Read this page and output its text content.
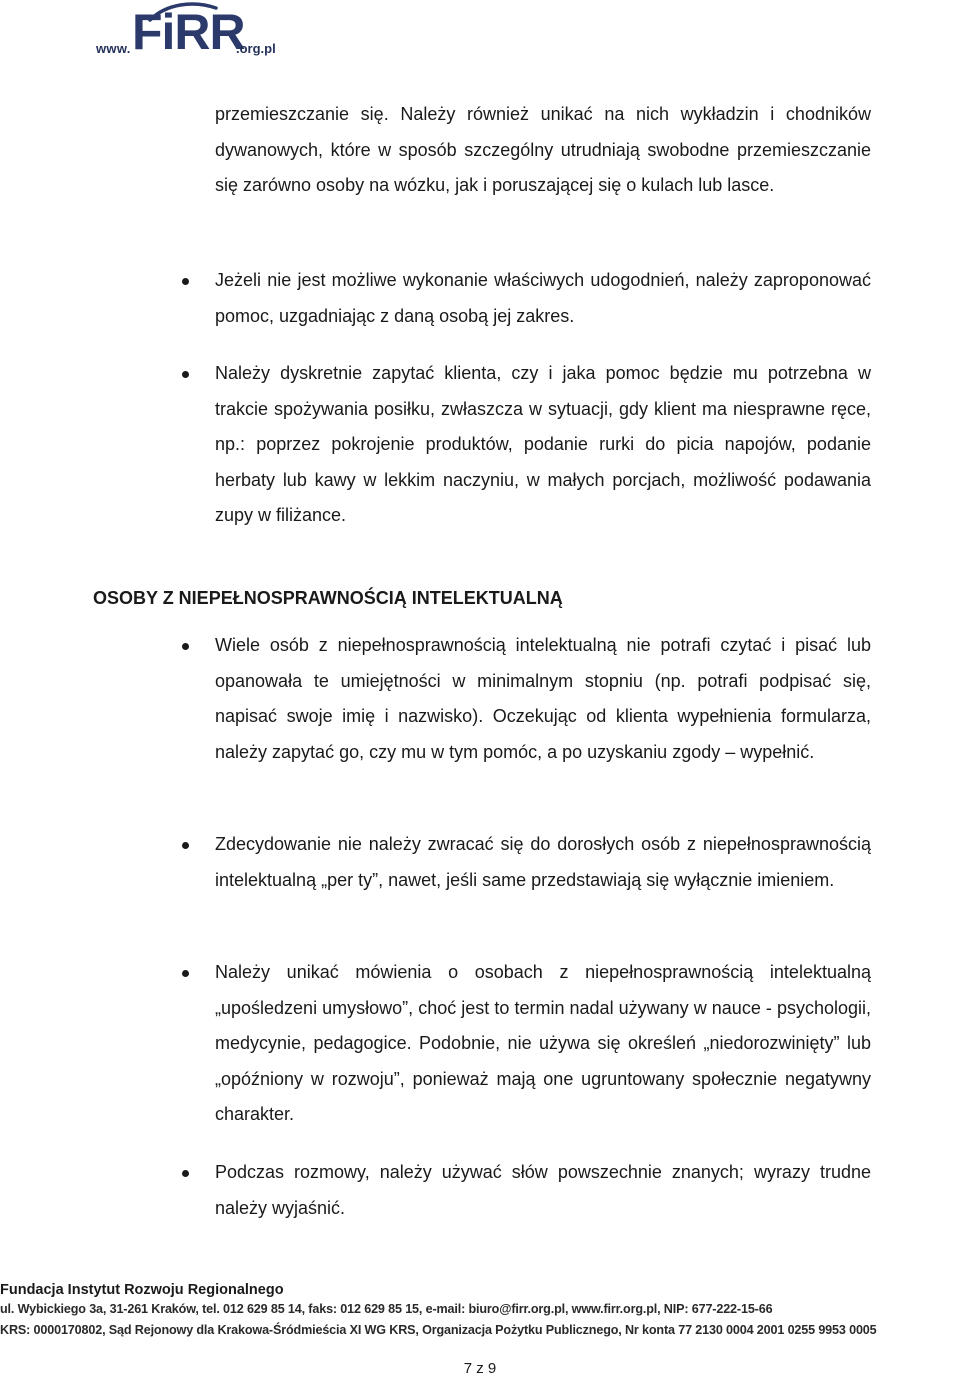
www. FiRR
.org.pl
przemieszczanie się. Należy również unikać na nich wykładzin i chodników dywanowych, które w sposób szczególny utrudniają swobodne przemieszczanie się zarówno osoby na wózku, jak i poruszającej się o kulach lub lasce.
Jeżeli nie jest możliwe wykonanie właściwych udogodnień, należy zaproponować pomoc, uzgadniając z daną osobą jej zakres.
Należy dyskretnie zapytać klienta, czy i jaka pomoc będzie mu potrzebna w trakcie spożywania posiłku, zwłaszcza w sytuacji, gdy klient ma niesprawne ręce, np.: poprzez pokrojenie produktów, podanie rurki do picia napojów, podanie herbaty lub kawy w lekkim naczyniu, w małych porcjach, możliwość podawania zupy w filiżance.
OSOBY Z NIEPEŁNOSPRAWNOŚCIĄ INTELEKTUALNĄ
Wiele osób z niepełnosprawnością intelektualną nie potrafi czytać i pisać lub opanowała te umiejętności w minimalnym stopniu (np. potrafi podpisać się, napisać swoje imię i nazwisko). Oczekując od klienta wypełnienia formularza, należy zapytać go, czy mu w tym pomóc, a po uzyskaniu zgody – wypełnić.
Zdecydowanie nie należy zwracać się do dorosłych osób z niepełnosprawnością intelektualną „per ty”, nawet, jeśli same przedstawiają się wyłącznie imieniem.
Należy unikać mówienia o osobach z niepełnosprawnością intelektualną „upośledzeni umysłowo”, choć jest to termin nadal używany w nauce - psychologii, medycynie, pedagogice. Podobnie, nie używa się określeń „niedorozwinięty” lub „opóźniony w rozwoju”, ponieważ mają one ugruntowany społecznie negatywny charakter.
Podczas rozmowy, należy używać słów powszechnie znanych; wyrazy trudne należy wyjaśnić.
Fundacja Instytut Rozwoju Regionalnego
ul. Wybickiego 3a, 31-261 Kraków, tel. 012 629 85 14, faks: 012 629 85 15, e-mail: biuro@firr.org.pl, www.firr.org.pl, NIP: 677-222-15-66
KRS: 0000170802, Sąd Rejonowy dla Krakowa-Śródmieścia XI WG KRS, Organizacja Pożytku Publicznego, Nr konta 77 2130 0004 2001 0255 9953 0005
7 z 9
